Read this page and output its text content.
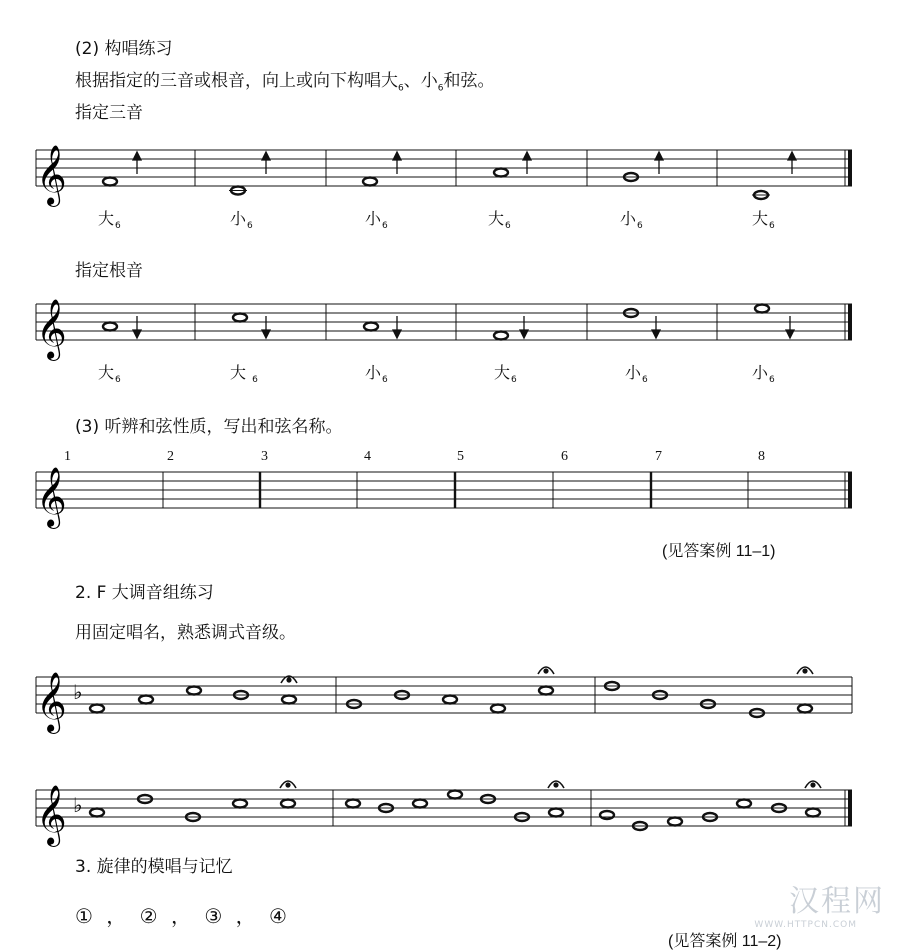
(2) 构唱练习
根据指定的三音或根音，向上或向下构唱大$_6$、小$_6$和弦。
指定三音
𝄞
大$_6$	小$_6$	小$_6$	大$_6$	小$_6$	大$_6$
指定根音
𝄞
大$_6$	大 $_6$	小$_6$	大$_6$	小$_6$	小$_6$
(3) 听辨和弦性质，写出和弦名称。
𝄞
1	2	3	4	5	6	7	8
(见答案例 11–1)
2. F 大调音组练习
用固定唱名，熟悉调式音级。
𝄞 ♭
𝄞 ♭
3. 旋律的模唱与记忆
① ， ② ， ③ ， ④
(见答案例 11–2)
汉程网
WWW.HTTPCN.COM
